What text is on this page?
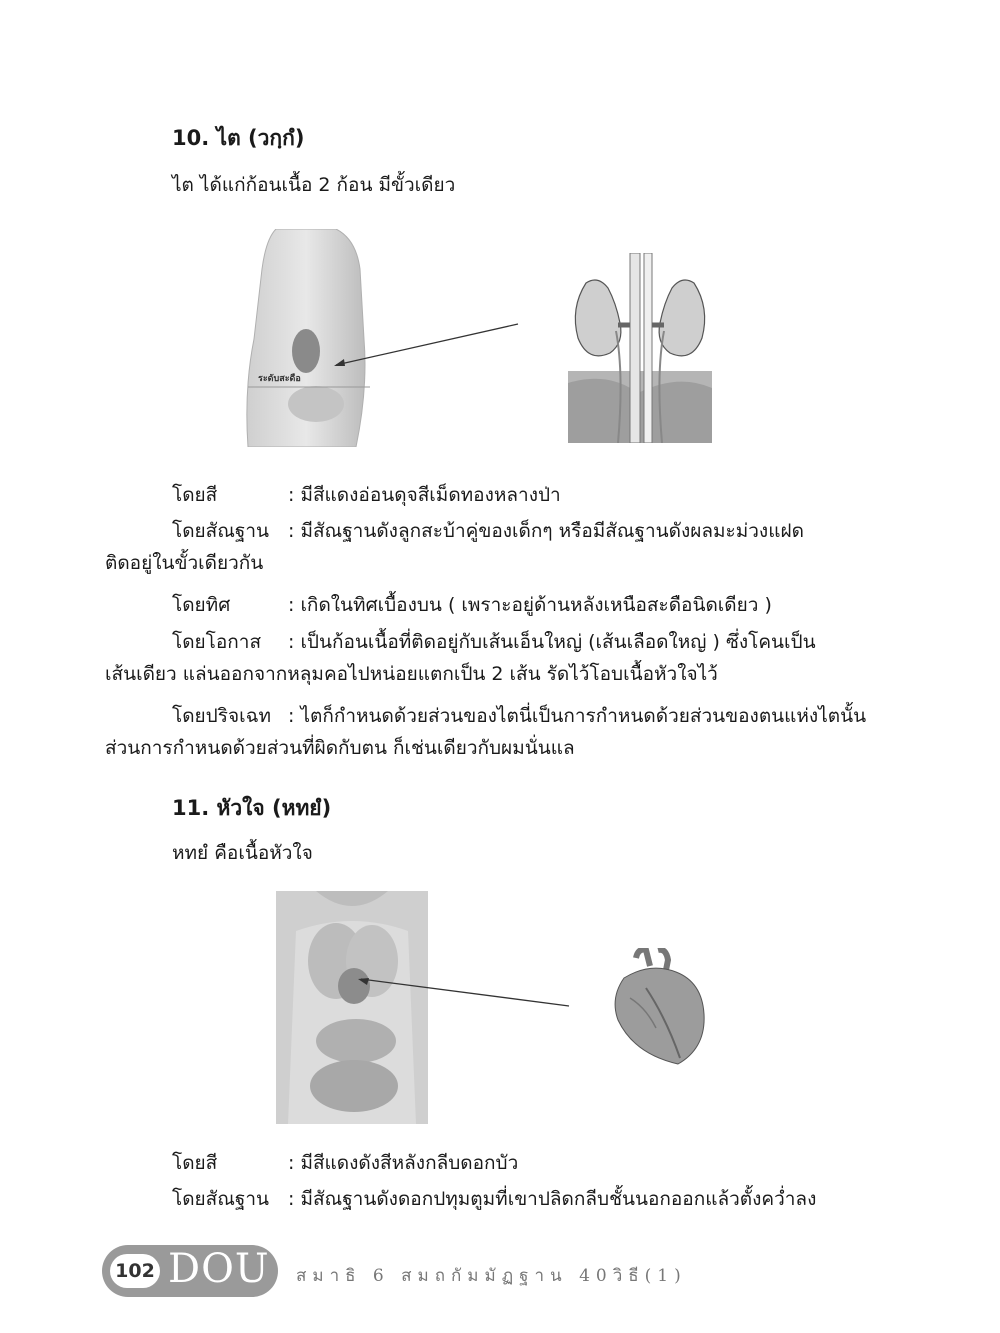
10. ไต (วกฺกํ)
ไต ได้แก่ก้อนเนื้อ 2 ก้อน มีขั้วเดียว
ระดับสะดือ
โดยสี	: มีสีแดงอ่อนดุจสีเม็ดทองหลางป่า
โดยสัณฐาน : มีสัณฐานดังลูกสะบ้าคู่ของเด็กๆ หรือมีสัณฐานดังผลมะม่วงแฝด
ติดอยู่ในขั้วเดียวกัน
โดยทิศ	: เกิดในทิศเบื้องบน ( เพราะอยู่ด้านหลังเหนือสะดือนิดเดียว )
โดยโอกาส : เป็นก้อนเนื้อที่ติดอยู่กับเส้นเอ็นใหญ่ (เส้นเลือดใหญ่ ) ซึ่งโคนเป็น
เส้นเดียว แล่นออกจากหลุมคอไปหน่อยแตกเป็น 2 เส้น รัดไว้โอบเนื้อหัวใจไว้
โดยปริจเฉท : ไตก็กำหนดด้วยส่วนของไตนี่เป็นการกำหนดด้วยส่วนของตนแห่งไตนั้น
ส่วนการกำหนดด้วยส่วนที่ผิดกับตน ก็เช่นเดียวกับผมนั่นแล
11. หัวใจ (หทยํ)
หทยํ คือเนื้อหัวใจ
โดยสี	: มีสีแดงดังสีหลังกลีบดอกบัว
โดยสัณฐาน : มีสัณฐานดังดอกปทุมตูมที่เขาปลิดกลีบชั้นนอกออกแล้วตั้งคว่ำลง
102 DOU สมาธิ 6 สมถกัมมัฏฐาน 40วิธี(1)
